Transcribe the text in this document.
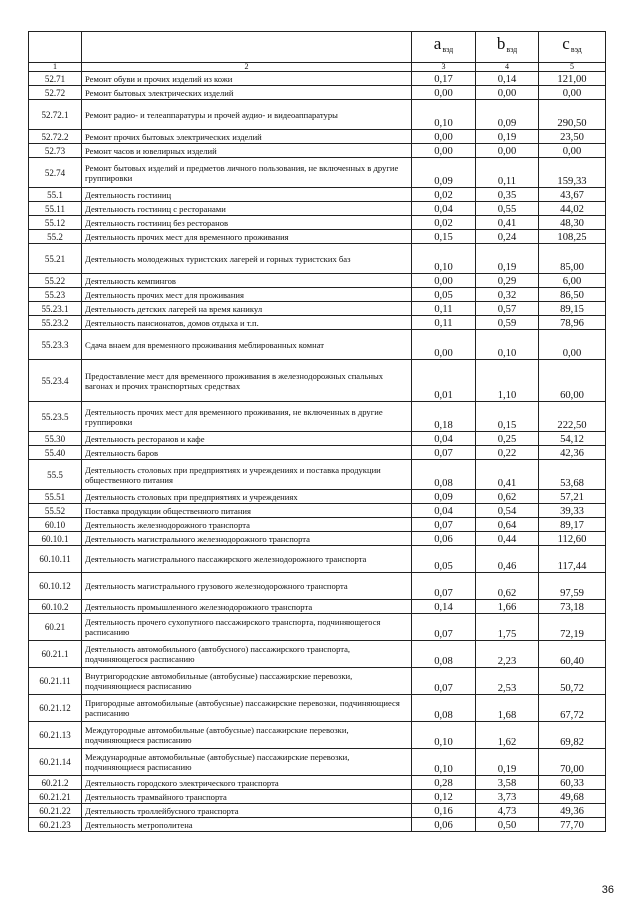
		$a_{вэд}$	$b_{вэд}$	$c_{вэд}$
1	2	3	4	5
52.71	Ремонт обуви и прочих изделий из кожи	0,17	0,14	121,00
52.72	Ремонт бытовых электрических изделий	0,00	0,00	0,00
52.72.1	Ремонт радио- и телеаппаратуры и прочей аудио- и видеоаппаратуры	0,10	0,09	290,50
52.72.2	Ремонт прочих бытовых электрических изделий	0,00	0,19	23,50
52.73	Ремонт часов и ювелирных изделий	0,00	0,00	0,00
52.74	Ремонт бытовых изделий и предметов личного пользования, не включенных в другие группировки	0,09	0,11	159,33
55.1	Деятельность гостиниц	0,02	0,35	43,67
55.11	Деятельность гостиниц с ресторанами	0,04	0,55	44,02
55.12	Деятельность гостиниц без ресторанов	0,02	0,41	48,30
55.2	Деятельность прочих мест для временного проживания	0,15	0,24	108,25
55.21	Деятельность молодежных туристских лагерей и горных туристских баз	0,10	0,19	85,00
55.22	Деятельность кемпингов	0,00	0,29	6,00
55.23	Деятельность прочих мест для проживания	0,05	0,32	86,50
55.23.1	Деятельность детских лагерей на время каникул	0,11	0,57	89,15
55.23.2	Деятельность пансионатов, домов отдыха и т.п.	0,11	0,59	78,96
55.23.3	Сдача внаем для временного проживания меблированных комнат	0,00	0,10	0,00
55.23.4	Предоставление мест для временного проживания в железнодорожных спальных вагонах и прочих транспортных средствах	0,01	1,10	60,00
55.23.5	Деятельность прочих мест для временного проживания, не включенных в другие группировки	0,18	0,15	222,50
55.30	Деятельность ресторанов и кафе	0,04	0,25	54,12
55.40	Деятельность баров	0,07	0,22	42,36
55.5	Деятельность столовых при предприятиях и учреждениях и поставка продукции общественного питания	0,08	0,41	53,68
55.51	Деятельность столовых при предприятиях и учреждениях	0,09	0,62	57,21
55.52	Поставка продукции общественного питания	0,04	0,54	39,33
60.10	Деятельность железнодорожного транспорта	0,07	0,64	89,17
60.10.1	Деятельность магистрального железнодорожного транспорта	0,06	0,44	112,60
60.10.11	Деятельность магистрального пассажирского железнодорожного транспорта	0,05	0,46	117,44
60.10.12	Деятельность магистрального грузового железнодорожного транспорта	0,07	0,62	97,59
60.10.2	Деятельность промышленного железнодорожного транспорта	0,14	1,66	73,18
60.21	Деятельность прочего сухопутного пассажирского транспорта, подчиняющегося расписанию	0,07	1,75	72,19
60.21.1	Деятельность автомобильного (автобусного) пассажирского транспорта, подчиняющегося расписанию	0,08	2,23	60,40
60.21.11	Внутригородские автомобильные (автобусные) пассажирские перевозки, подчиняющиеся расписанию	0,07	2,53	50,72
60.21.12	Пригородные автомобильные (автобусные) пассажирские перевозки, подчиняющиеся расписанию	0,08	1,68	67,72
60.21.13	Междугородные автомобильные (автобусные) пассажирские перевозки, подчиняющиеся расписанию	0,10	1,62	69,82
60.21.14	Международные автомобильные (автобусные) пассажирские перевозки, подчиняющиеся расписанию	0,10	0,19	70,00
60.21.2	Деятельность городского электрического транспорта	0,28	3,58	60,33
60.21.21	Деятельность трамвайного транспорта	0,12	3,73	49,68
60.21.22	Деятельность троллейбусного транспорта	0,16	4,73	49,36
60.21.23	Деятельность метрополитена	0,06	0,50	77,70
36
